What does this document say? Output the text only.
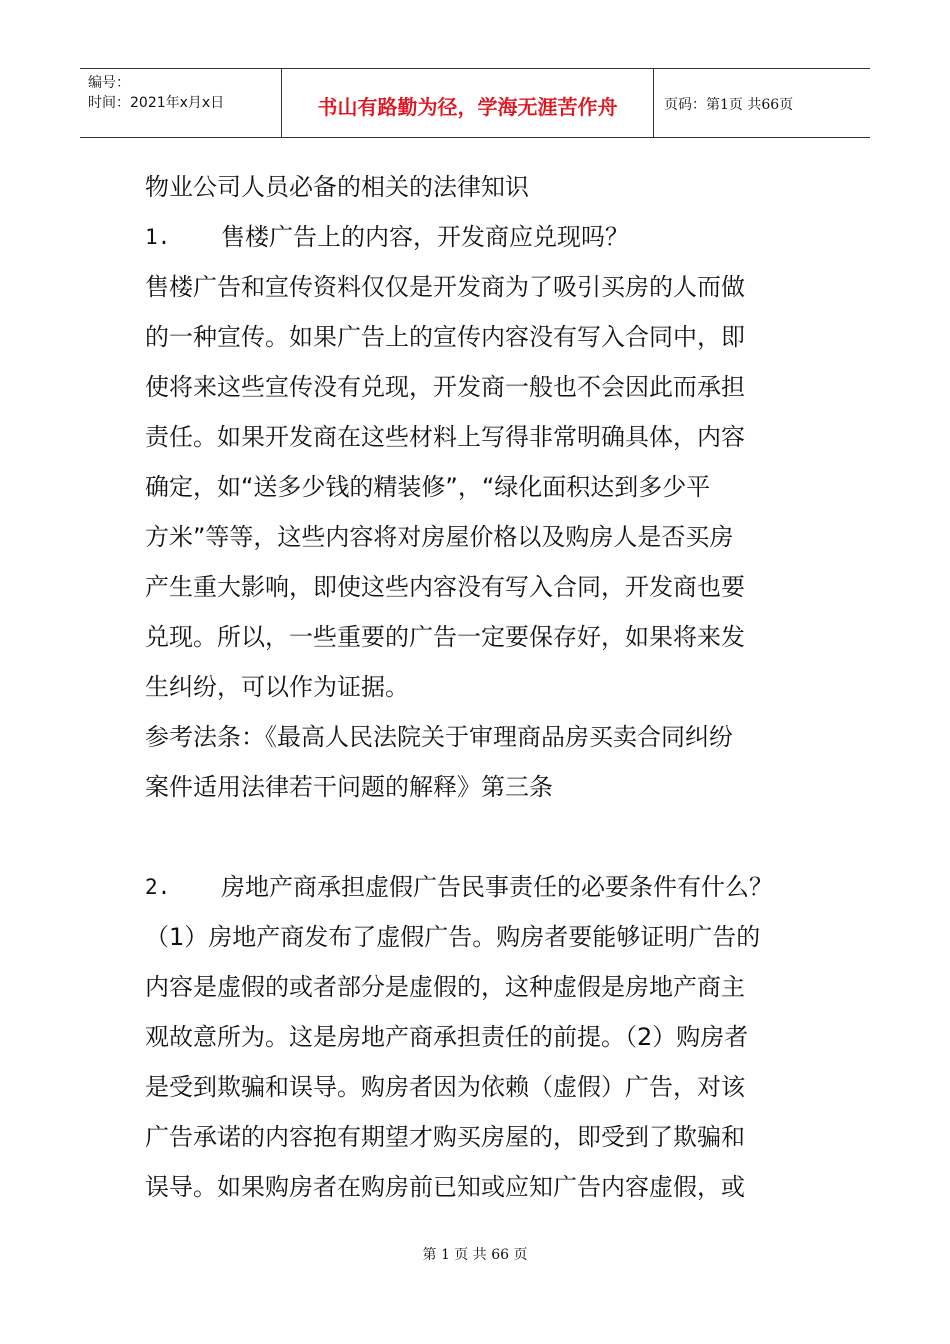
编号：
时间：2021年x月x日	书山有路勤为径，学海无涯苦作舟	页码：第1页 共66页

物业公司人员必备的相关的法律知识

1.	售楼广告上的内容，开发商应兑现吗？

售楼广告和宣传资料仅仅是开发商为了吸引买房的人而做

的一种宣传。如果广告上的宣传内容没有写入合同中，即

使将来这些宣传没有兑现，开发商一般也不会因此而承担

责任。如果开发商在这些材料上写得非常明确具体，内容

确定，如“送多少钱的精装修”，“绿化面积达到多少平

方米”等等，这些内容将对房屋价格以及购房人是否买房

产生重大影响，即使这些内容没有写入合同，开发商也要

兑现。所以，一些重要的广告一定要保存好，如果将来发

生纠纷，可以作为证据。

参考法条：《最高人民法院关于审理商品房买卖合同纠纷

案件适用法律若干问题的解释》第三条

2.	房地产商承担虚假广告民事责任的必要条件有什么？

（1）房地产商发布了虚假广告。购房者要能够证明广告的

内容是虚假的或者部分是虚假的，这种虚假是房地产商主

观故意所为。这是房地产商承担责任的前提。（2）购房者

是受到欺骗和误导。购房者因为依赖（虚假）广告，对该

广告承诺的内容抱有期望才购买房屋的，即受到了欺骗和

误导。如果购房者在购房前已知或应知广告内容虚假，或

第 1 页 共 66 页
